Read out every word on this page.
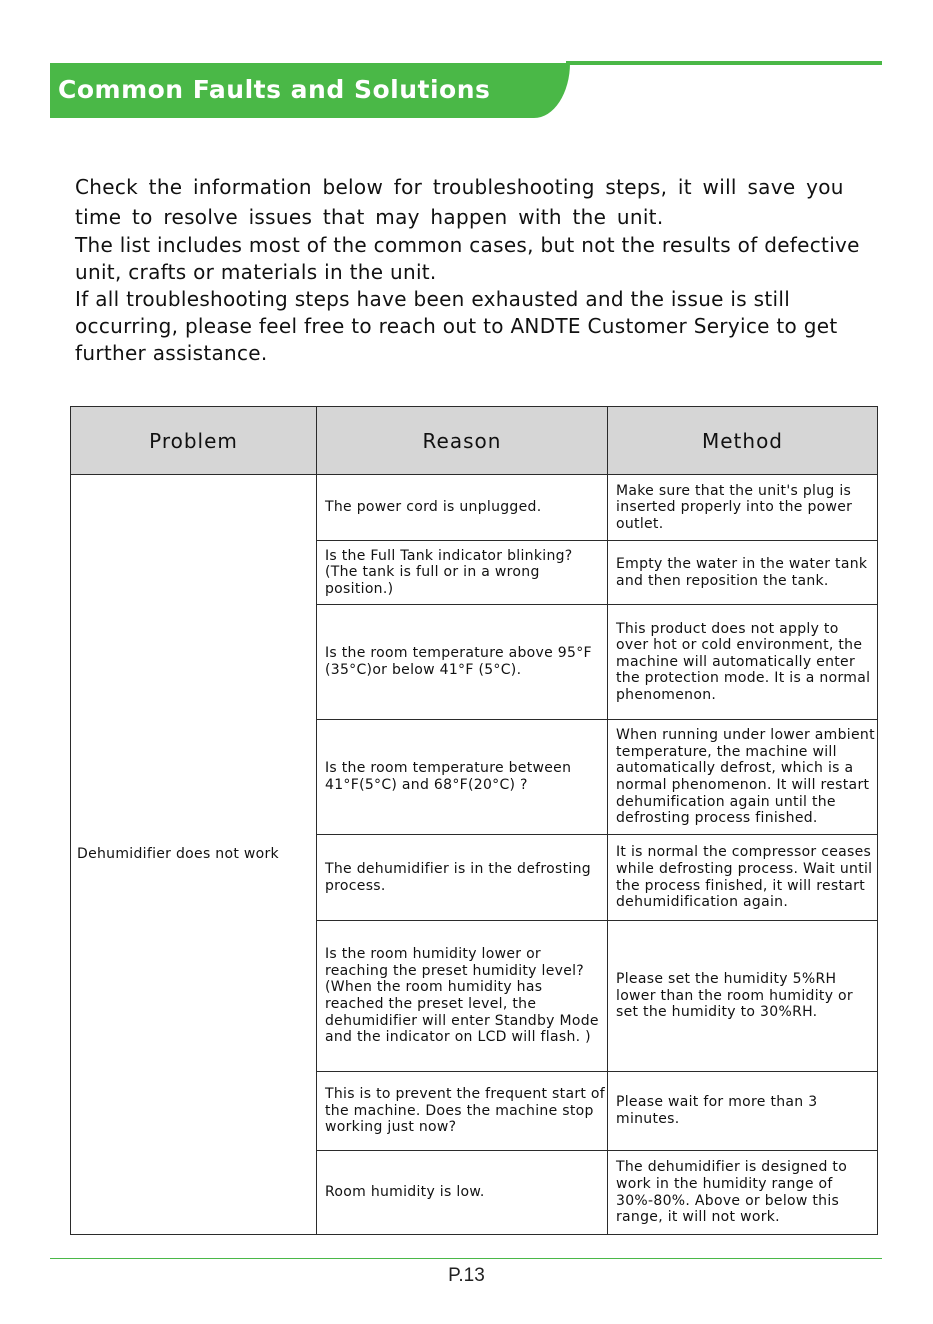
Common Faults and Solutions

Check the information below for troubleshooting steps, it will save you time to resolve issues that may happen with the unit.

The list includes most of the common cases, but not the results of defective unit, crafts or materials in the unit.

If all troubleshooting steps have been exhausted and the issue is still occurring, please feel free to reach out to ANDTE Customer Seryice to get further assistance.

Problem	Reason	Method
Dehumidifier does not work	The power cord is unplugged.	Make sure that the unit's plug is inserted properly into the power outlet.
	Is the Full Tank indicator blinking? (The tank is full or in a wrong position.)	Empty the water in the water tank and then reposition the tank.
	Is the room temperature above 95°F (35°C)or below 41°F (5°C).	This product does not apply to over hot or cold environment, the machine will automatically enter the protection mode. It is a normal phenomenon.
	Is the room temperature between 41°F(5°C) and 68°F(20°C) ?	When running under lower ambient temperature, the machine will automatically defrost, which is a normal phenomenon. It will restart dehumification again until the defrosting process finished.
	The dehumidifier is in the defrosting process.	It is normal the compressor ceases while defrosting process. Wait until the process finished, it will restart dehumidification again.
	Is the room humidity lower or reaching the preset humidity level? (When the room humidity has reached the preset level, the dehumidifier will enter Standby Mode and the indicator on LCD will flash. )	Please set the humidity 5%RH lower than the room humidity or set the humidity to 30%RH.
	This is to prevent the frequent start of the machine. Does the machine stop working just now?	Please wait for more than 3 minutes.
	Room humidity is low.	The dehumidifier is designed to work in the humidity range of 30%-80%. Above or below this range, it will not work.
P.13
